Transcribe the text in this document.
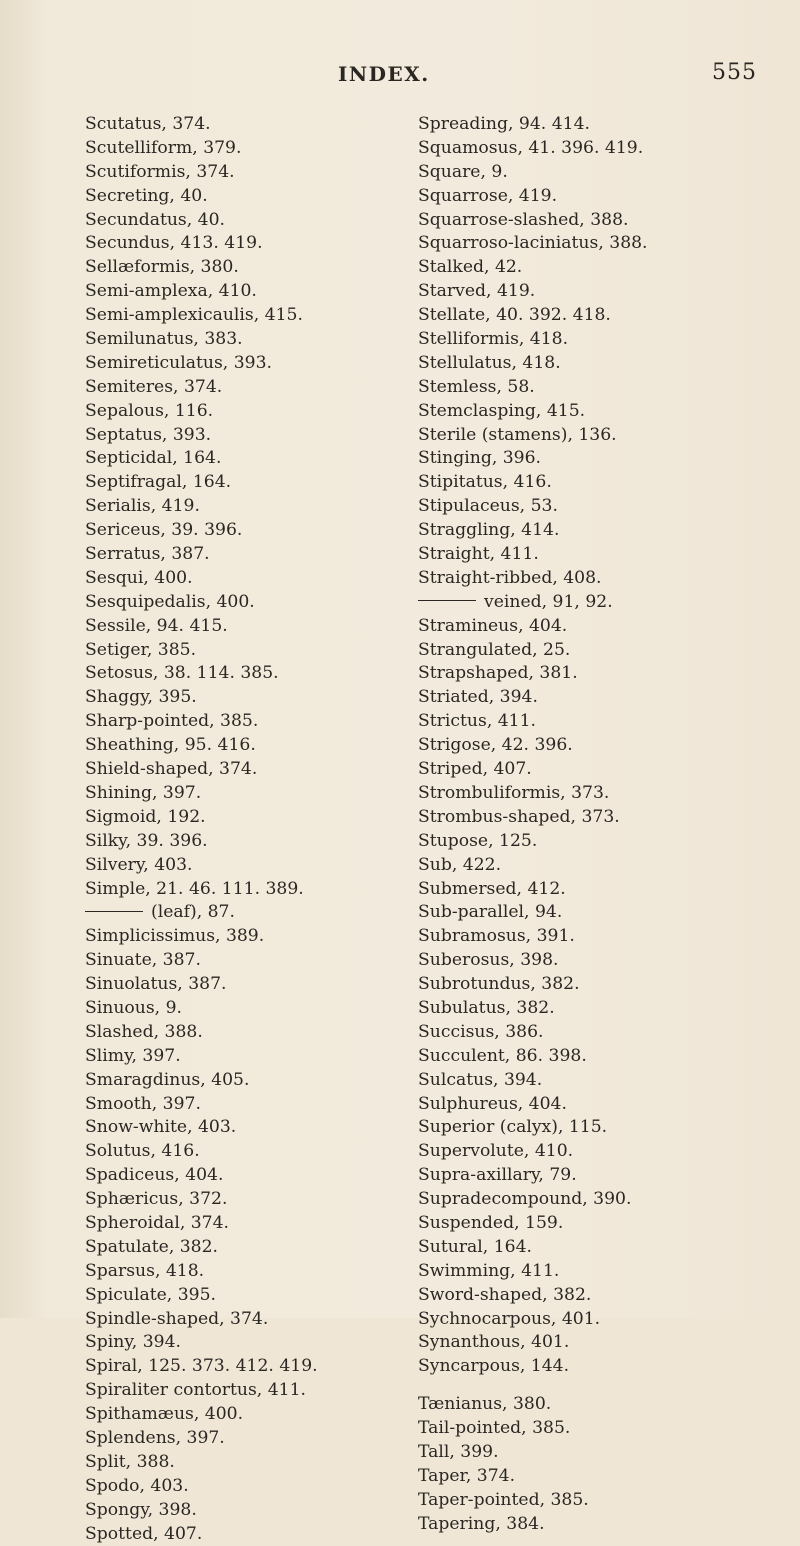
INDEX.	555
Scutatus, 374.
Scutelliform, 379.
Scutiformis, 374.
Secreting, 40.
Secundatus, 40.
Secundus, 413. 419.
Sellæformis, 380.
Semi-amplexa, 410.
Semi-amplexicaulis, 415.
Semilunatus, 383.
Semireticulatus, 393.
Semiteres, 374.
Sepalous, 116.
Septatus, 393.
Septicidal, 164.
Septifragal, 164.
Serialis, 419.
Sericeus, 39. 396.
Serratus, 387.
Sesqui, 400.
Sesquipedalis, 400.
Sessile, 94. 415.
Setiger, 385.
Setosus, 38. 114. 385.
Shaggy, 395.
Sharp-pointed, 385.
Sheathing, 95. 416.
Shield-shaped, 374.
Shining, 397.
Sigmoid, 192.
Silky, 39. 396.
Silvery, 403.
Simple, 21. 46. 111. 389.
(leaf), 87.
Simplicissimus, 389.
Sinuate, 387.
Sinuolatus, 387.
Sinuous, 9.
Slashed, 388.
Slimy, 397.
Smaragdinus, 405.
Smooth, 397.
Snow-white, 403.
Solutus, 416.
Spadiceus, 404.
Sphæricus, 372.
Spheroidal, 374.
Spatulate, 382.
Sparsus, 418.
Spiculate, 395.
Spindle-shaped, 374.
Spiny, 394.
Spiral, 125. 373. 412. 419.
Spiraliter contortus, 411.
Spithamæus, 400.
Splendens, 397.
Split, 388.
Spodo, 403.
Spongy, 398.
Spotted, 407.
Spreading, 94. 414.
Squamosus, 41. 396. 419.
Square, 9.
Squarrose, 419.
Squarrose-slashed, 388.
Squarroso-laciniatus, 388.
Stalked, 42.
Starved, 419.
Stellate, 40. 392. 418.
Stelliformis, 418.
Stellulatus, 418.
Stemless, 58.
Stemclasping, 415.
Sterile (stamens), 136.
Stinging, 396.
Stipitatus, 416.
Stipulaceus, 53.
Straggling, 414.
Straight, 411.
Straight-ribbed, 408.
veined, 91, 92.
Stramineus, 404.
Strangulated, 25.
Strapshaped, 381.
Striated, 394.
Strictus, 411.
Strigose, 42. 396.
Striped, 407.
Strombuliformis, 373.
Strombus-shaped, 373.
Stupose, 125.
Sub, 422.
Submersed, 412.
Sub-parallel, 94.
Subramosus, 391.
Suberosus, 398.
Subrotundus, 382.
Subulatus, 382.
Succisus, 386.
Succulent, 86. 398.
Sulcatus, 394.
Sulphureus, 404.
Superior (calyx), 115.
Supervolute, 410.
Supra-axillary, 79.
Supradecompound, 390.
Suspended, 159.
Sutural, 164.
Swimming, 411.
Sword-shaped, 382.
Sychnocarpous, 401.
Synanthous, 401.
Syncarpous, 144.
Tænianus, 380.
Tail-pointed, 385.
Tall, 399.
Taper, 374.
Taper-pointed, 385.
Tapering, 384.
